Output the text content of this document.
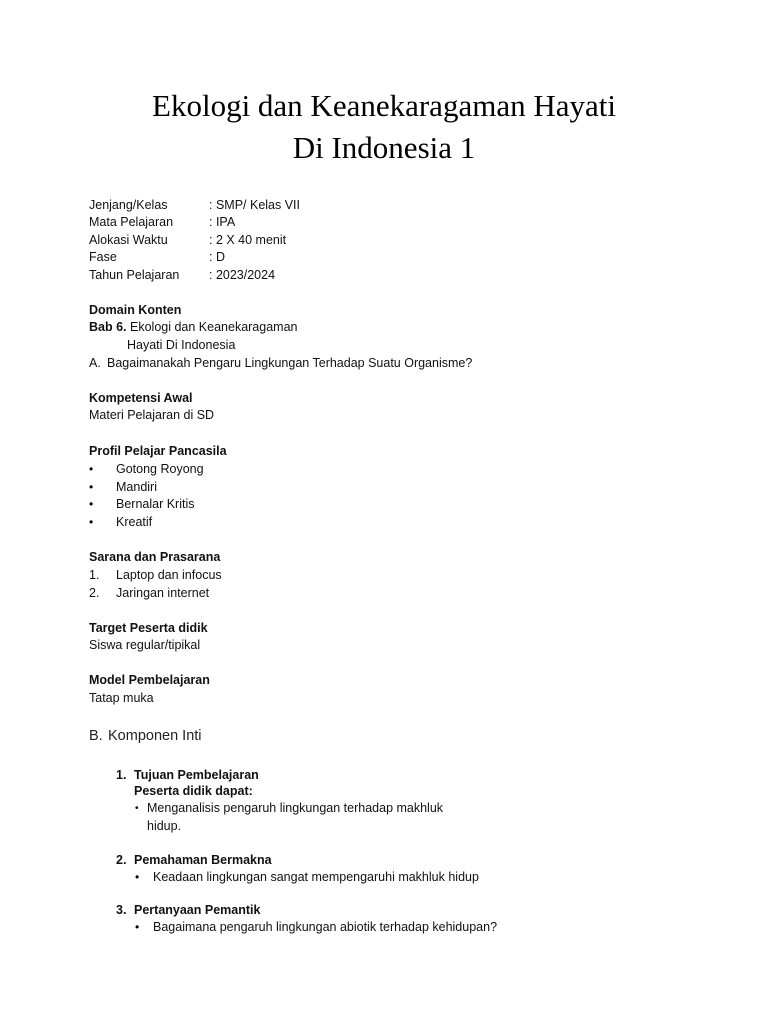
Ekologi dan Keanekaragaman Hayati
Di Indonesia 1
Jenjang/Kelas	: SMP/ Kelas VII
Mata Pelajaran	: IPA
Alokasi Waktu	: 2 X 40 menit
Fase	: D
Tahun Pelajaran : 2023/2024
Domain Konten
Bab 6. Ekologi dan Keanekaragaman
Hayati Di Indonesia
A. Bagaimanakah Pengaru Lingkungan Terhadap Suatu Organisme?
Kompetensi Awal
Materi Pelajaran di SD
Profil Pelajar Pancasila
• Gotong Royong
• Mandiri
• Bernalar Kritis
• Kreatif
Sarana dan Prasarana
1. Laptop dan infocus
2. Jaringan internet
Target Peserta didik
Siswa regular/tipikal
Model Pembelajaran
Tatap muka
B. Komponen Inti
1. Tujuan Pembelajaran
Peserta didik dapat:
• Menganalisis pengaruh lingkungan terhadap makhluk
hidup.
2. Pemahaman Bermakna
• Keadaan lingkungan sangat mempengaruhi makhluk hidup
3. Pertanyaan Pemantik
• Bagaimana pengaruh lingkungan abiotik terhadap kehidupan?
